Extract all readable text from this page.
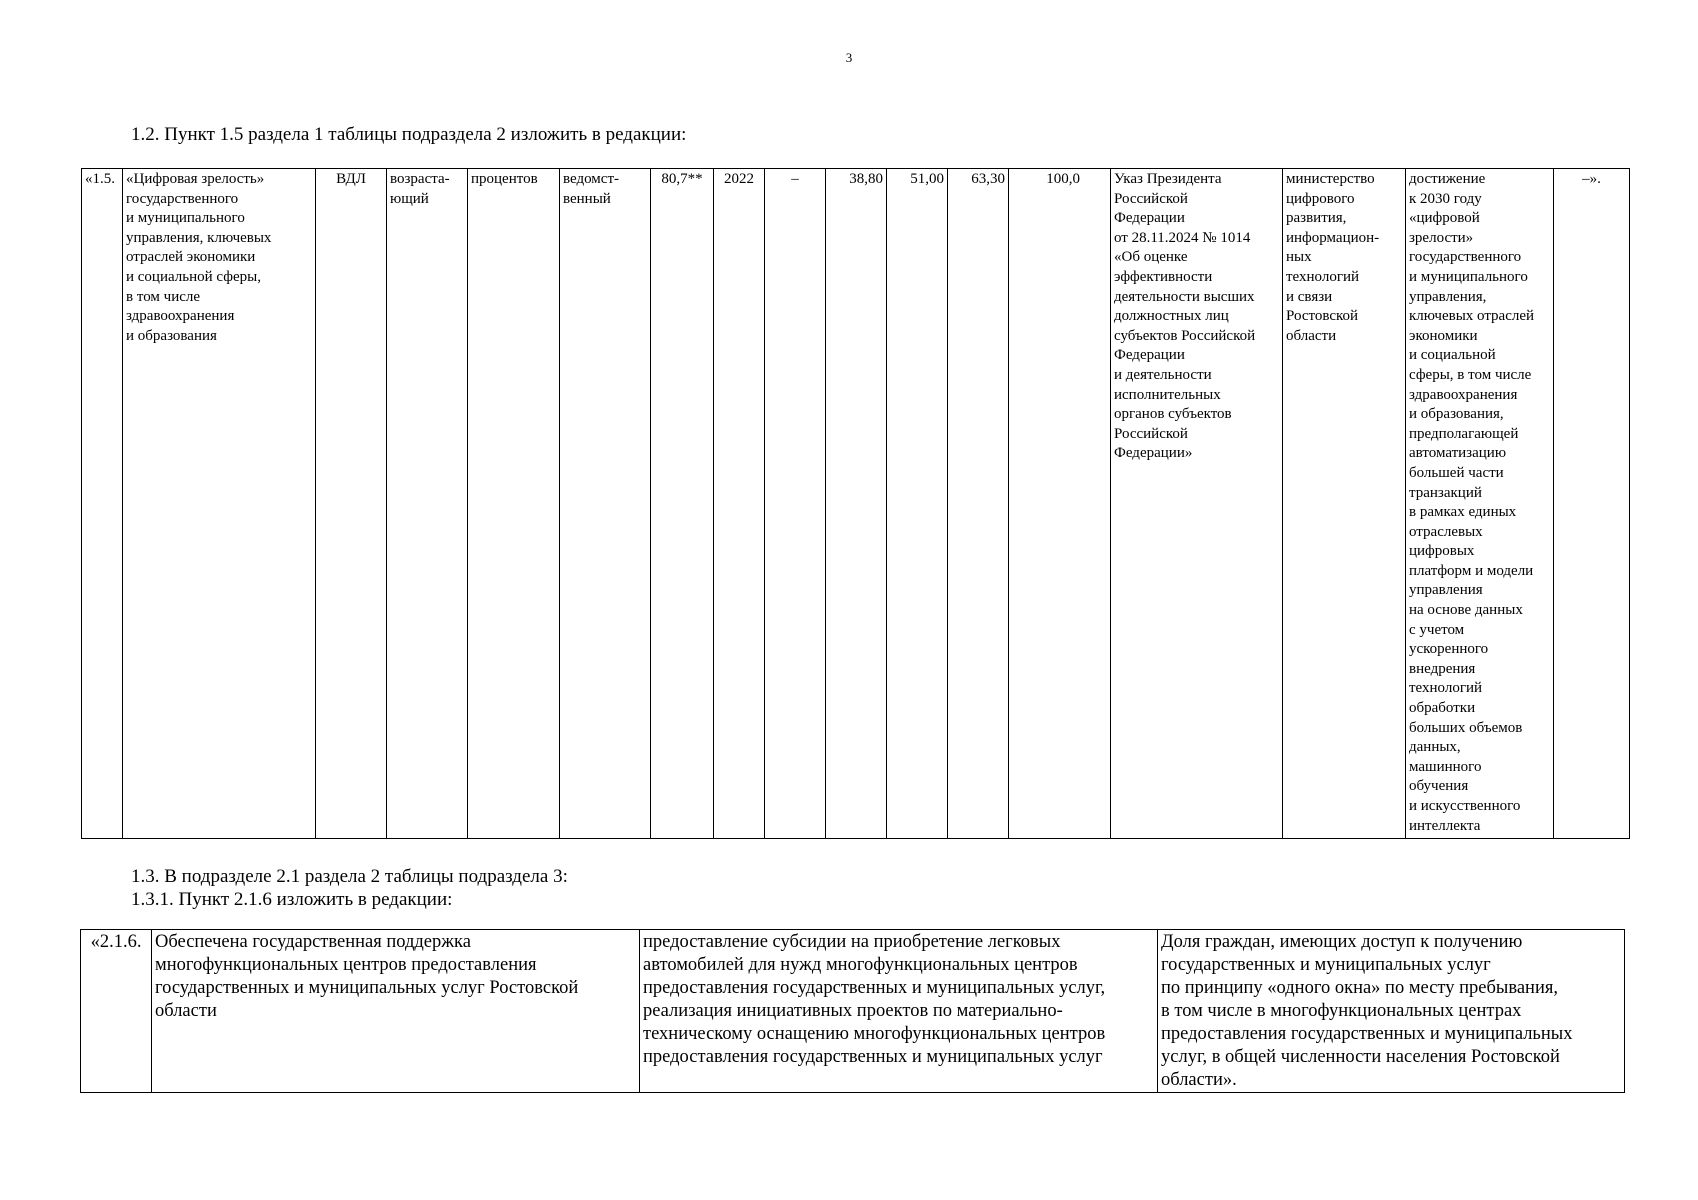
3
1.2. Пункт 1.5 раздела 1 таблицы подраздела 2 изложить в редакции:
«1.5.	«Цифровая зрелость»
государственного
и муниципального
управления, ключевых
отраслей экономики
и социальной сферы,
в том числе
здравоохранения
и образования	ВДЛ	возраста-
ющий	процентов	ведомст-
венный	80,7**	2022	–	38,80	51,00	63,30	100,0	Указ Президента
Российской
Федерации
от 28.11.2024 № 1014
«Об оценке
эффективности
деятельности высших
должностных лиц
субъектов Российской
Федерации
и деятельности
исполнительных
органов субъектов
Российской
Федерации»	министерство
цифрового
развития,
информацион-
ных
технологий
и связи
Ростовской
области	достижение
к 2030 году
«цифровой
зрелости»
государственного
и муниципального
управления,
ключевых отраслей
экономики
и социальной
сферы, в том числе
здравоохранения
и образования,
предполагающей
автоматизацию
большей части
транзакций
в рамках единых
отраслевых
цифровых
платформ и модели
управления
на основе данных
с учетом
ускоренного
внедрения
технологий
обработки
больших объемов
данных,
машинного
обучения
и искусственного
интеллекта	–».
1.3. В подразделе 2.1 раздела 2 таблицы подраздела 3:
1.3.1. Пункт 2.1.6 изложить в редакции:
«2.1.6.	Обеспечена государственная поддержка
многофункциональных центров предоставления
государственных и муниципальных услуг Ростовской
области	предоставление субсидии на приобретение легковых
автомобилей для нужд многофункциональных центров
предоставления государственных и муниципальных услуг,
реализация инициативных проектов по материально-
техническому оснащению многофункциональных центров
предоставления государственных и муниципальных услуг	Доля граждан, имеющих доступ к получению
государственных и муниципальных услуг
по принципу «одного окна» по месту пребывания,
в том числе в многофункциональных центрах
предоставления государственных и муниципальных
услуг, в общей численности населения Ростовской
области».
